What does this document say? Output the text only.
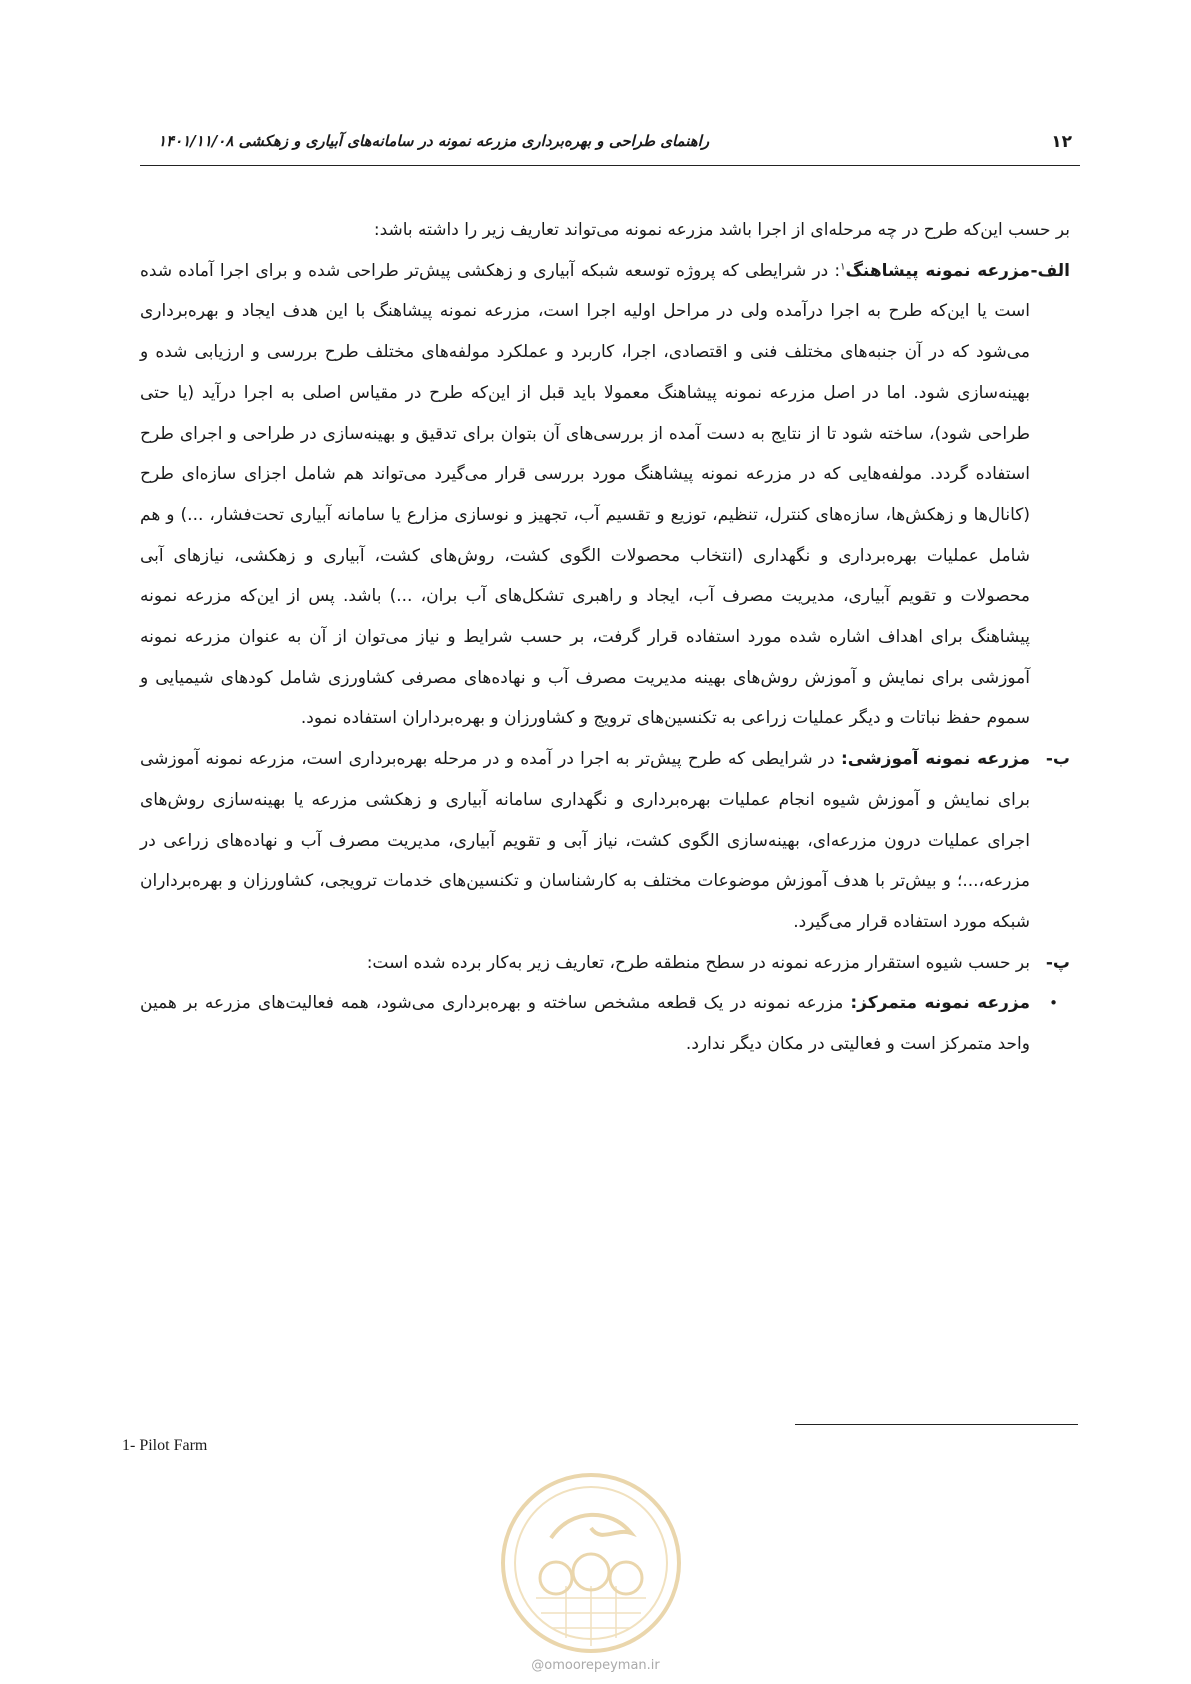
۱۲
راهنمای طراحی و بهره‌برداری مزرعه نمونه در سامانه‌های آبیاری و زهکشی ۱۴۰۱/۱۱/۰۸

بر حسب این‌که طرح در چه مرحله‌ای از اجرا باشد مزرعه نمونه می‌تواند تعاریف زیر را داشته باشد:

الف-

مزرعه نمونه پیشاهنگ$^۱$: در شرایطی که پروژه توسعه شبکه آبیاری و زهکشی پیش‌تر طراحی شده و برای اجرا آماده شده است یا این‌که طرح به اجرا درآمده ولی در مراحل اولیه اجرا است، مزرعه نمونه پیشاهنگ با این هدف ایجاد و بهره‌برداری می‌شود که در آن جنبه‌های مختلف فنی و اقتصادی، اجرا، کاربرد و عملکرد مولفه‌های مختلف طرح بررسی و ارزیابی شده و بهینه‌سازی شود. اما در اصل مزرعه نمونه پیشاهنگ معمولا باید قبل از این‌که طرح در مقیاس اصلی به اجرا درآید (یا حتی طراحی شود)، ساخته شود تا از نتایج به دست آمده از بررسی‌های آن بتوان برای تدقیق و بهینه‌سازی در طراحی و اجرای طرح استفاده گردد. مولفه‌هایی که در مزرعه نمونه پیشاهنگ مورد بررسی قرار می‌گیرد می‌تواند هم شامل اجزای سازه‌ای طرح (کانال‌ها و زهکش‌ها، سازه‌های کنترل، تنظیم، توزیع و تقسیم آب، تجهیز و نوسازی مزارع یا سامانه آبیاری تحت‌فشار، ...) و هم شامل عملیات بهره‌برداری و نگهداری (انتخاب محصولات الگوی کشت، روش‌های کشت، آبیاری و زهکشی، نیازهای آبی محصولات و تقویم آبیاری، مدیریت مصرف آب، ایجاد و راهبری تشکل‌های آب بران، ...) باشد. پس از این‌که مزرعه نمونه پیشاهنگ برای اهداف اشاره شده مورد استفاده قرار گرفت، بر حسب شرایط و نیاز می‌توان از آن به عنوان مزرعه نمونه آموزشی برای نمایش و آموزش روش‌های بهینه مدیریت مصرف آب و نهاده‌های مصرفی کشاورزی شامل کودهای شیمیایی و سموم حفظ نباتات و دیگر عملیات زراعی به تکنسین‌های ترویج و کشاورزان و بهره‌برداران استفاده نمود.

ب-

مزرعه نمونه آموزشی: در شرایطی که طرح پیش‌تر به اجرا در آمده و در مرحله بهره‌برداری است، مزرعه نمونه آموزشی برای نمایش و آموزش شیوه انجام عملیات بهره‌برداری و نگهداری سامانه آبیاری و زهکشی مزرعه یا بهینه‌سازی روش‌های اجرای عملیات درون مزرعه‌ای، بهینه‌سازی الگوی کشت، نیاز آبی و تقویم آبیاری، مدیریت مصرف آب و نهاده‌های زراعی در مزرعه،...؛ و بیش‌تر با هدف آموزش موضوعات مختلف به کارشناسان و تکنسین‌های خدمات ترویجی، کشاورزان و بهره‌برداران شبکه مورد استفاده قرار می‌گیرد.

پ-

بر حسب شیوه استقرار مزرعه نمونه در سطح منطقه طرح، تعاریف زیر به‌کار برده شده است:

•

مزرعه نمونه متمرکز: مزرعه نمونه در یک قطعه مشخص ساخته و بهره‌برداری می‌شود، همه فعالیت‌های مزرعه بر همین واحد متمرکز است و فعالیتی در مکان دیگر ندارد.

1- Pilot Farm
@omoorepeyman.ir
